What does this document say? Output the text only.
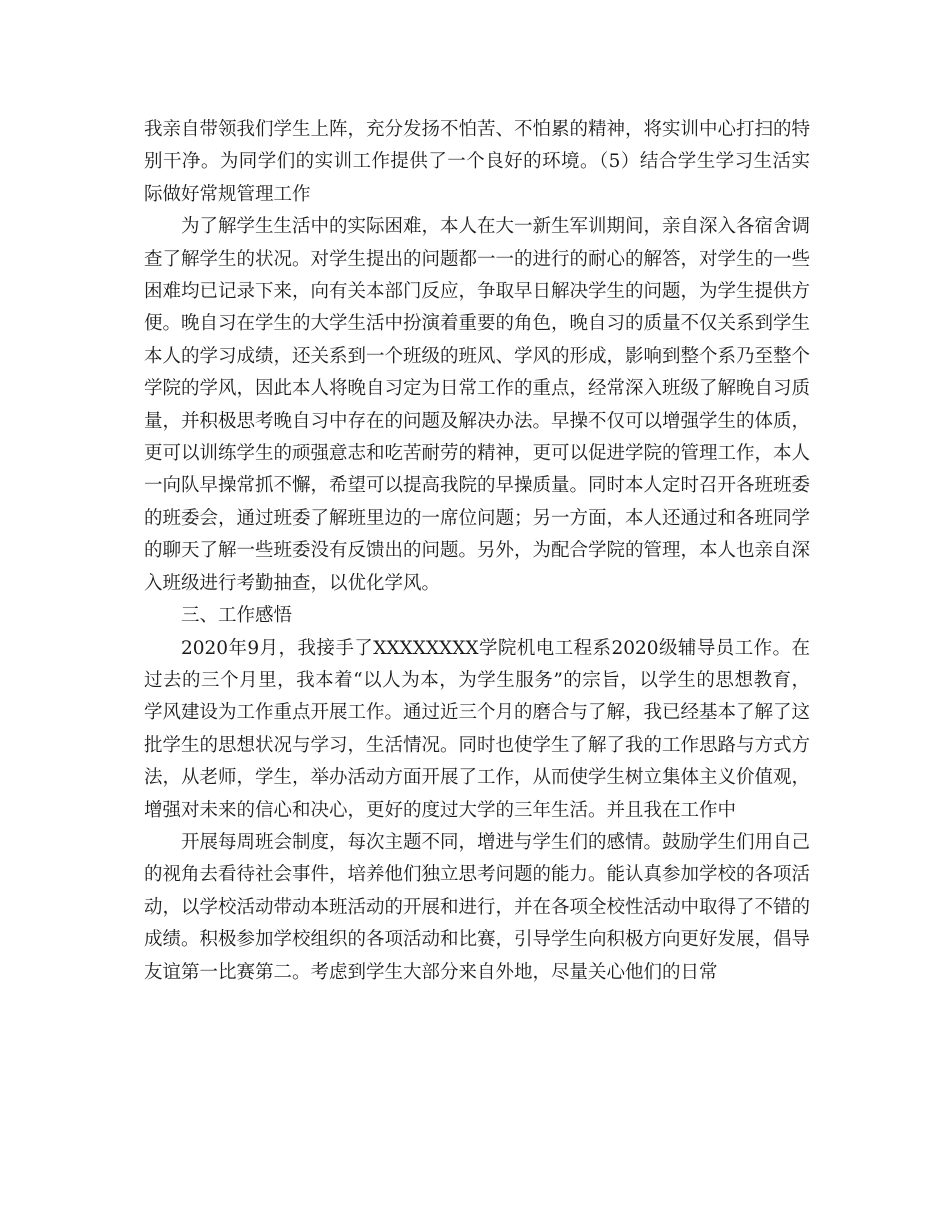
我亲自带领我们学生上阵，充分发扬不怕苦、不怕累的精神，将实训中心打扫的特别干净。为同学们的实训工作提供了一个良好的环境。（5）结合学生学习生活实际做好常规管理工作

为了解学生生活中的实际困难，本人在大一新生军训期间，亲自深入各宿舍调查了解学生的状况。对学生提出的问题都一一的进行的耐心的解答，对学生的一些困难均已记录下来，向有关本部门反应，争取早日解决学生的问题，为学生提供方便。晚自习在学生的大学生活中扮演着重要的角色，晚自习的质量不仅关系到学生本人的学习成绩，还关系到一个班级的班风、学风的形成，影响到整个系乃至整个学院的学风，因此本人将晚自习定为日常工作的重点，经常深入班级了解晚自习质量，并积极思考晚自习中存在的问题及解决办法。早操不仅可以增强学生的体质，更可以训练学生的顽强意志和吃苦耐劳的精神，更可以促进学院的管理工作，本人一向队早操常抓不懈，希望可以提高我院的早操质量。同时本人定时召开各班班委的班委会，通过班委了解班里边的一席位问题；另一方面，本人还通过和各班同学的聊天了解一些班委没有反馈出的问题。另外，为配合学院的管理，本人也亲自深入班级进行考勤抽查，以优化学风。

三、工作感悟

2020年9月，我接手了XXXXXXXX学院机电工程系2020级辅导员工作。在过去的三个月里，我本着“以人为本，为学生服务”的宗旨，以学生的思想教育，学风建设为工作重点开展工作。通过近三个月的磨合与了解，我已经基本了解了这批学生的思想状况与学习，生活情况。同时也使学生了解了我的工作思路与方式方法，从老师，学生，举办活动方面开展了工作，从而使学生树立集体主义价值观，增强对未来的信心和决心，更好的度过大学的三年生活。并且我在工作中

开展每周班会制度，每次主题不同，增进与学生们的感情。鼓励学生们用自己的视角去看待社会事件，培养他们独立思考问题的能力。能认真参加学校的各项活动，以学校活动带动本班活动的开展和进行，并在各项全校性活动中取得了不错的成绩。积极参加学校组织的各项活动和比赛，引导学生向积极方向更好发展，倡导友谊第一比赛第二。考虑到学生大部分来自外地，尽量关心他们的日常
